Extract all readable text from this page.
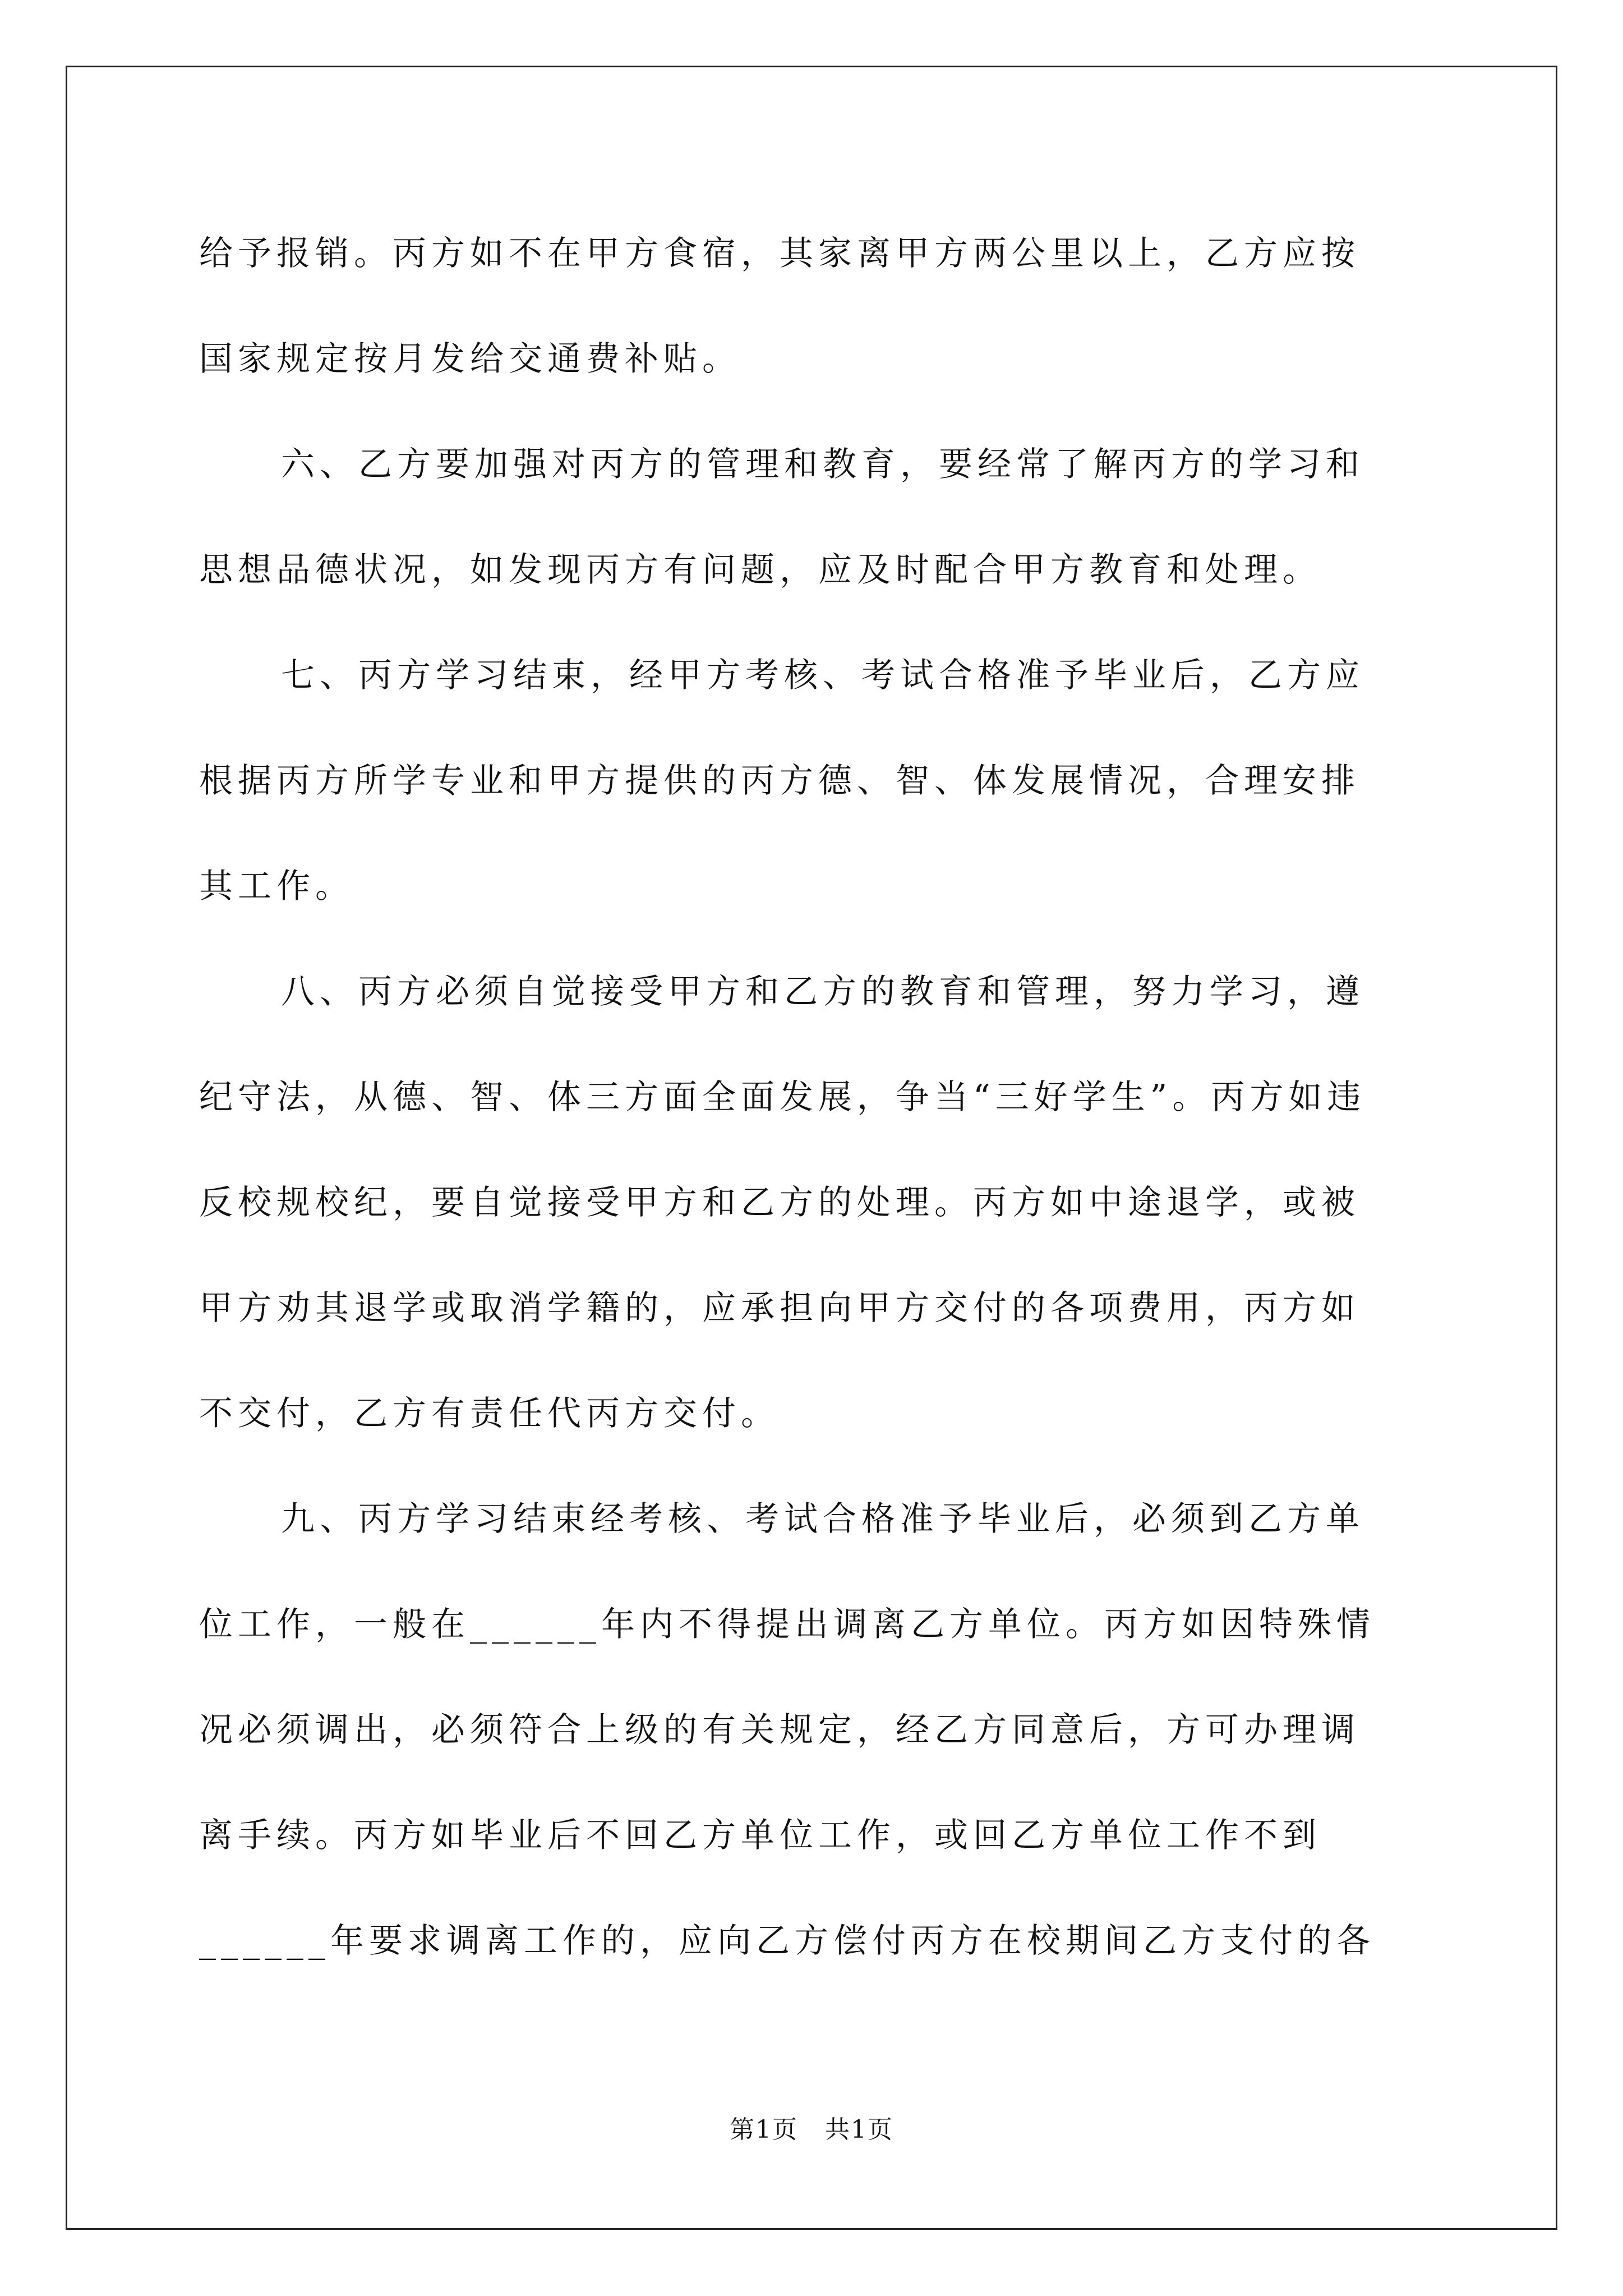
给予报销。丙方如不在甲方食宿，其家离甲方两公里以上，乙方应按
国家规定按月发给交通费补贴。
六、乙方要加强对丙方的管理和教育，要经常了解丙方的学习和
思想品德状况，如发现丙方有问题，应及时配合甲方教育和处理。
七、丙方学习结束，经甲方考核、考试合格准予毕业后，乙方应
根据丙方所学专业和甲方提供的丙方德、智、体发展情况，合理安排
其工作。
八、丙方必须自觉接受甲方和乙方的教育和管理，努力学习，遵
纪守法，从德、智、体三方面全面发展，争当“三好学生”。丙方如违
反校规校纪，要自觉接受甲方和乙方的处理。丙方如中途退学，或被
甲方劝其退学或取消学籍的，应承担向甲方交付的各项费用，丙方如
不交付，乙方有责任代丙方交付。
九、丙方学习结束经考核、考试合格准予毕业后，必须到乙方单
位工作，一般在______年内不得提出调离乙方单位。丙方如因特殊情
况必须调出，必须符合上级的有关规定，经乙方同意后，方可办理调
离手续。丙方如毕业后不回乙方单位工作，或回乙方单位工作不到
______年要求调离工作的，应向乙方偿付丙方在校期间乙方支付的各
第1页   共1页
